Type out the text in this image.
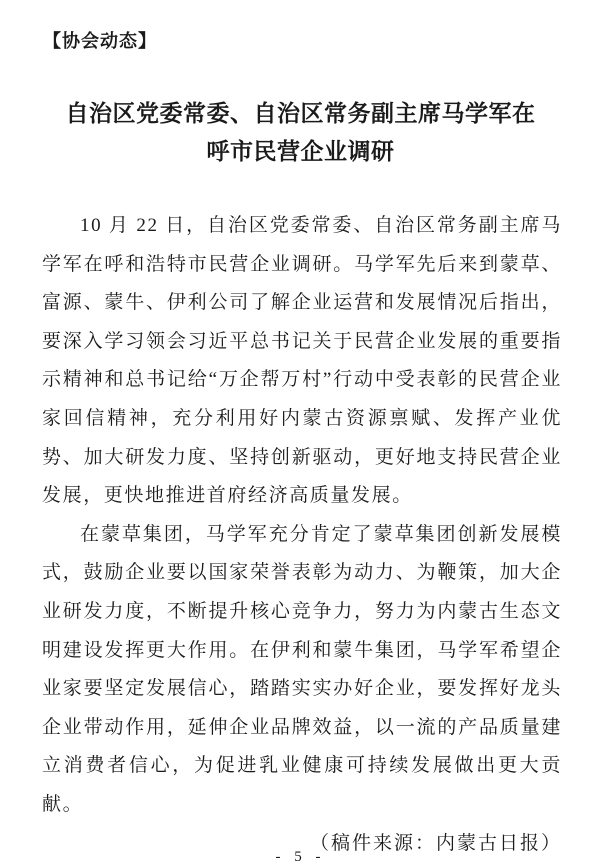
【协会动态】
自治区党委常委、自治区常务副主席马学军在
呼市民营企业调研

10 月 22 日，自治区党委常委、自治区常务副主席马学军在呼和浩特市民营企业调研。马学军先后来到蒙草、富源、蒙牛、伊利公司了解企业运营和发展情况后指出，要深入学习领会习近平总书记关于民营企业发展的重要指示精神和总书记给“万企帮万村”行动中受表彰的民营企业家回信精神，充分利用好内蒙古资源禀赋、发挥产业优势、加大研发力度、坚持创新驱动，更好地支持民营企业发展，更快地推进首府经济高质量发展。

在蒙草集团，马学军充分肯定了蒙草集团创新发展模式，鼓励企业要以国家荣誉表彰为动力、为鞭策，加大企业研发力度，不断提升核心竞争力，努力为内蒙古生态文明建设发挥更大作用。在伊利和蒙牛集团，马学军希望企业家要坚定发展信心，踏踏实实办好企业，要发挥好龙头企业带动作用，延伸企业品牌效益，以一流的产品质量建立消费者信心，为促进乳业健康可持续发展做出更大贡献。

（稿件来源：内蒙古日报）
- 5 -
